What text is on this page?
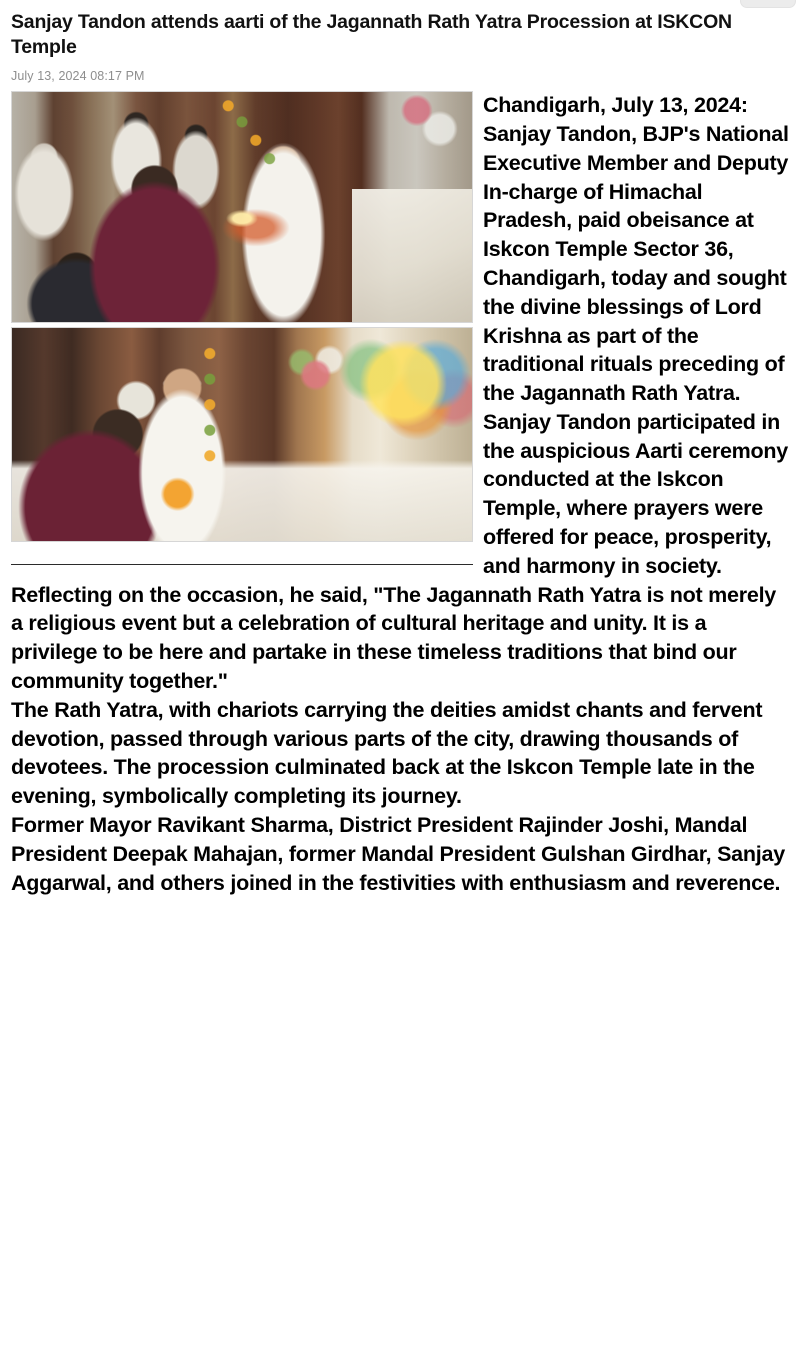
Sanjay Tandon attends aarti of the Jagannath Rath Yatra Procession at ISKCON Temple
July 13, 2024 08:17 PM

Chandigarh, July 13, 2024: Sanjay Tandon, BJP's National Executive Member and Deputy In-charge of Himachal Pradesh, paid obeisance at Iskcon Temple Sector 36, Chandigarh, today and sought the divine blessings of Lord Krishna as part of the traditional rituals preceding of the Jagannath Rath Yatra.

Sanjay Tandon participated in the auspicious Aarti ceremony conducted at the Iskcon Temple, where prayers were offered for peace, prosperity, and harmony in society. Reflecting on the occasion, he said, "The Jagannath Rath Yatra is not merely a religious event but a celebration of cultural heritage and unity. It is a privilege to be here and partake in these timeless traditions that bind our community together."

The Rath Yatra, with chariots carrying the deities amidst chants and fervent devotion, passed through various parts of the city, drawing thousands of devotees. The procession culminated back at the Iskcon Temple late in the evening, symbolically completing its journey.

Former Mayor Ravikant Sharma, District President Rajinder Joshi, Mandal President Deepak Mahajan, former Mandal President Gulshan Girdhar, Sanjay Aggarwal, and others joined in the festivities with enthusiasm and reverence.
